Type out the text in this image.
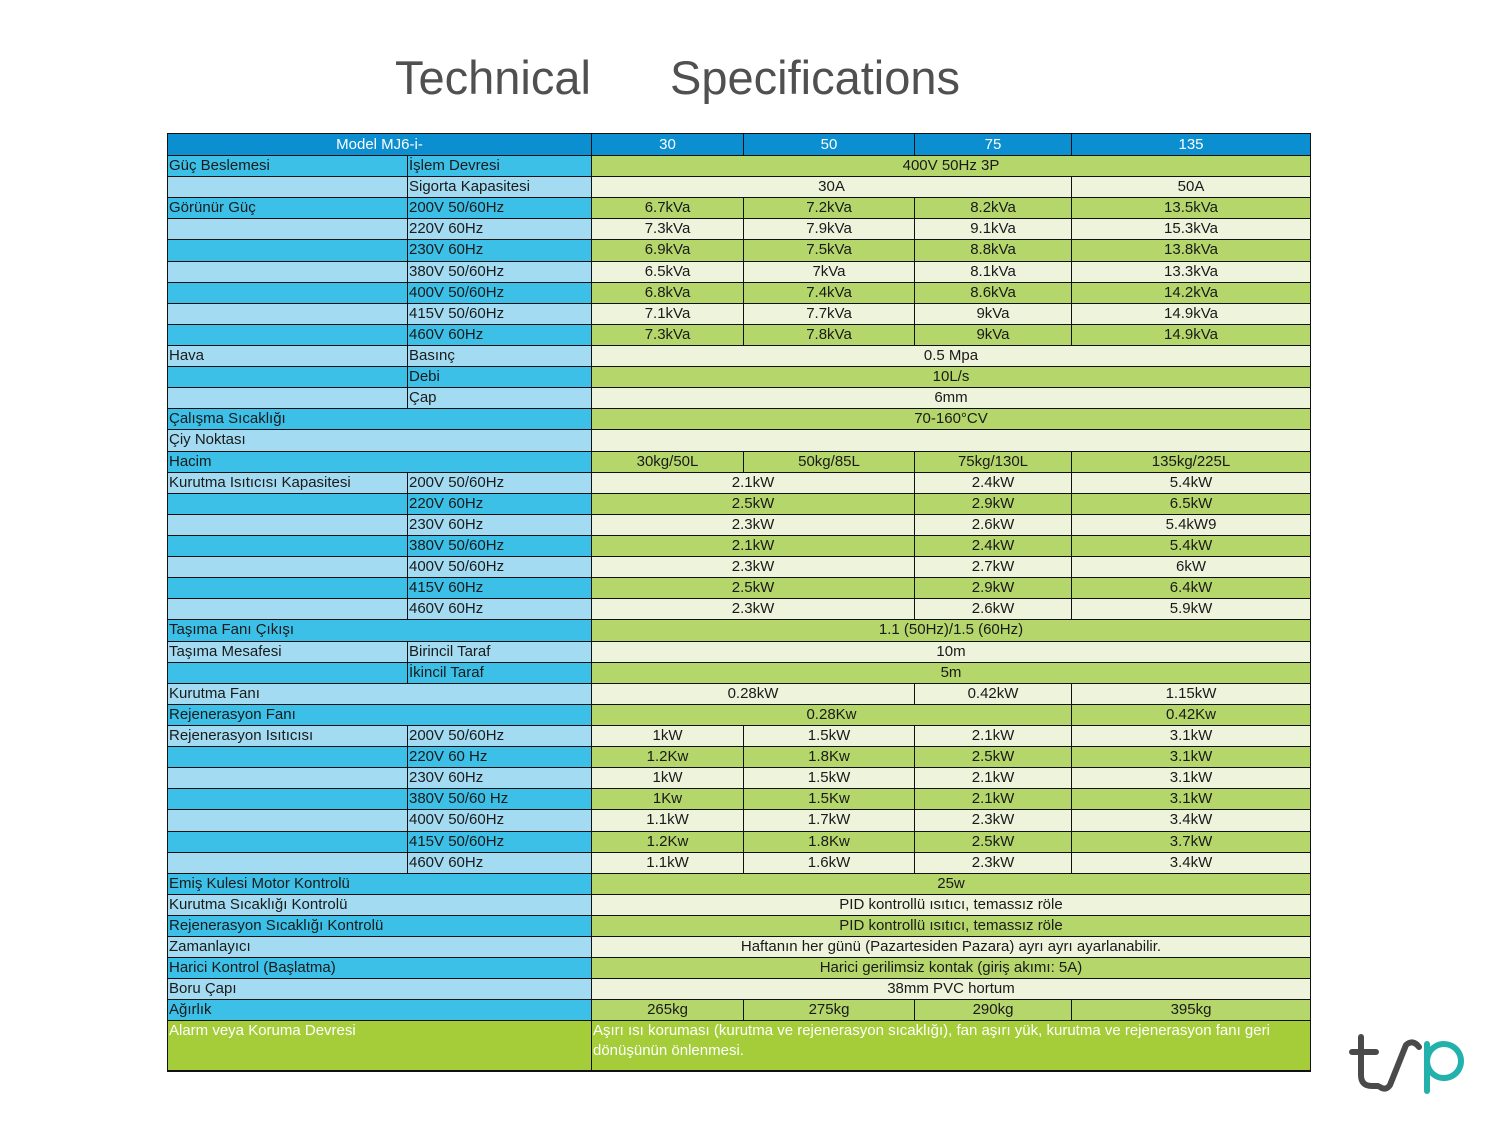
Technical Specifications
Model MJ6-i-	30	50	75	135
Güç Beslemesi	İşlem Devresi	400V 50Hz 3P
Sigorta Kapasitesi	30A	50A
Görünür Güç	200V 50/60Hz	6.7kVa	7.2kVa	8.2kVa	13.5kVa
220V 60Hz	7.3kVa	7.9kVa	9.1kVa	15.3kVa
230V 60Hz	6.9kVa	7.5kVa	8.8kVa	13.8kVa
380V 50/60Hz	6.5kVa	7kVa	8.1kVa	13.3kVa
400V 50/60Hz	6.8kVa	7.4kVa	8.6kVa	14.2kVa
415V 50/60Hz	7.1kVa	7.7kVa	9kVa	14.9kVa
460V 60Hz	7.3kVa	7.8kVa	9kVa	14.9kVa
Hava	Basınç	0.5 Mpa
Debi	10L/s
Çap	6mm
Çalışma Sıcaklığı	70-160°CV
Çiy Noktası
Hacim	30kg/50L	50kg/85L	75kg/130L	135kg/225L
Kurutma Isıtıcısı Kapasitesi	200V 50/60Hz	2.1kW	2.4kW	5.4kW
220V 60Hz	2.5kW	2.9kW	6.5kW
230V 60Hz	2.3kW	2.6kW	5.4kW9
380V 50/60Hz	2.1kW	2.4kW	5.4kW
400V 50/60Hz	2.3kW	2.7kW	6kW
415V 60Hz	2.5kW	2.9kW	6.4kW
460V 60Hz	2.3kW	2.6kW	5.9kW
Taşıma Fanı Çıkışı	1.1 (50Hz)/1.5 (60Hz)
Taşıma Mesafesi	Birincil Taraf	10m
İkincil Taraf	5m
Kurutma Fanı	0.28kW	0.42kW	1.15kW
Rejenerasyon Fanı	0.28Kw	0.42Kw
Rejenerasyon Isıtıcısı	200V 50/60Hz	1kW	1.5kW	2.1kW	3.1kW
220V 60 Hz	1.2Kw	1.8Kw	2.5kW	3.1kW
230V 60Hz	1kW	1.5kW	2.1kW	3.1kW
380V 50/60 Hz	1Kw	1.5Kw	2.1kW	3.1kW
400V 50/60Hz	1.1kW	1.7kW	2.3kW	3.4kW
415V 50/60Hz	1.2Kw	1.8Kw	2.5kW	3.7kW
460V 60Hz	1.1kW	1.6kW	2.3kW	3.4kW
Emiş Kulesi Motor Kontrolü	25w
Kurutma Sıcaklığı Kontrolü	PID kontrollü ısıtıcı, temassız röle
Rejenerasyon Sıcaklığı Kontrolü	PID kontrollü ısıtıcı, temassız röle
Zamanlayıcı	Haftanın her günü (Pazartesiden Pazara) ayrı ayrı ayarlanabilir.
Harici Kontrol (Başlatma)	Harici gerilimsiz kontak (giriş akımı: 5A)
Boru Çapı	38mm PVC hortum
Ağırlık	265kg	275kg	290kg	395kg
Alarm veya Koruma Devresi	Aşırı ısı koruması (kurutma ve rejenerasyon sıcaklığı), fan aşırı yük, kurutma ve rejenerasyon fanı geri dönüşünün önlenmesi.
